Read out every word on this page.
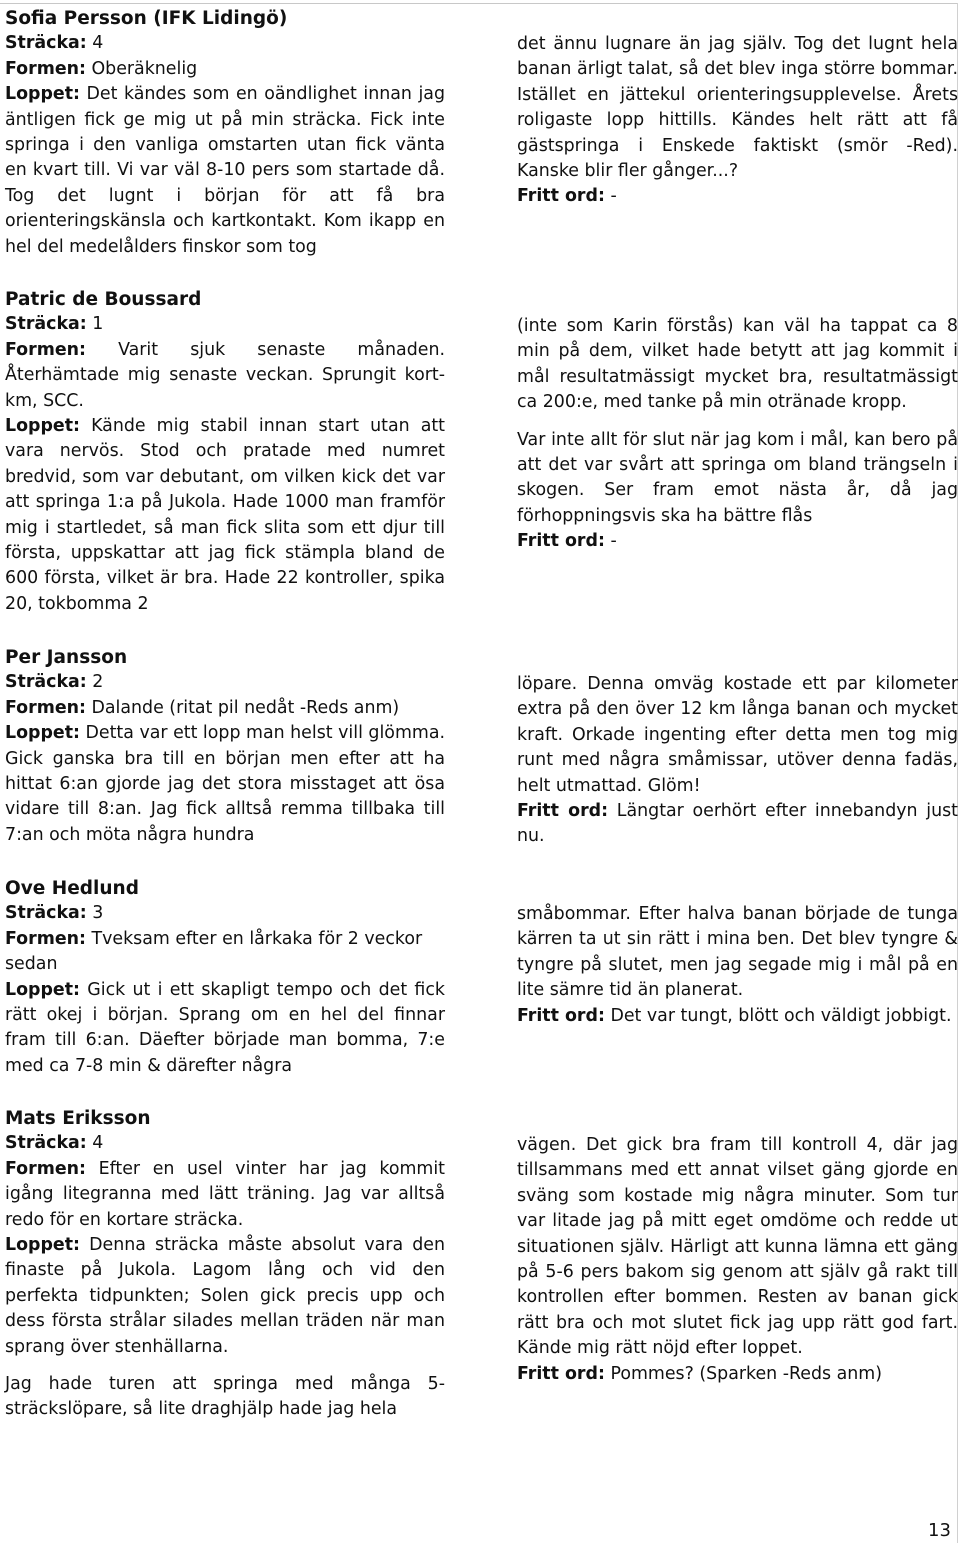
Sofia Persson (IFK Lidingö)
Sträcka: 4
Formen: Oberäknelig

Loppet: Det kändes som en oändlighet innan jag äntligen fick ge mig ut på min sträcka. Fick inte springa i den vanliga omstarten utan fick vänta en kvart till. Vi var väl 8-10 pers som startade då. Tog det lugnt i början för att få bra orienteringskänsla och kartkontakt. Kom ikapp en hel del medelålders finskor som tog

det ännu lugnare än jag själv. Tog det lugnt hela banan ärligt talat, så det blev inga större bommar. Istället en jättekul orienteringsupplevelse. Årets roligaste lopp hittills. Kändes helt rätt att få gästspringa i Enskede faktiskt (smör -Red). Kanske blir fler gånger...?

Fritt ord: -
Patric de Boussard
Sträcka: 1

Formen: Varit sjuk senaste månaden. Återhämtade mig senaste veckan. Sprungit kort-km, SCC.

Loppet: Kände mig stabil innan start utan att vara nervös. Stod och pratade med numret bredvid, som var debutant, om vilken kick det var att springa 1:a på Jukola. Hade 1000 man framför mig i startledet, så man fick slita som ett djur till första, uppskattar att jag fick stämpla bland de 600 första, vilket är bra. Hade 22 kontroller, spika 20, tokbomma 2

(inte som Karin förstås) kan väl ha tappat ca 8 min på dem, vilket hade betytt att jag kommit i mål resultatmässigt mycket bra, resultatmässigt ca 200:e, med tanke på min otränade kropp.

Var inte allt för slut när jag kom i mål, kan bero på att det var svårt att springa om bland trängseln i skogen. Ser fram emot nästa år, då jag förhoppningsvis ska ha bättre flås

Fritt ord: -
Per Jansson
Sträcka: 2
Formen: Dalande (ritat pil nedåt -Reds anm)

Loppet: Detta var ett lopp man helst vill glömma. Gick ganska bra till en början men efter att ha hittat 6:an gjorde jag det stora misstaget att ösa vidare till 8:an. Jag fick alltså remma tillbaka till 7:an och möta några hundra

löpare. Denna omväg kostade ett par kilometer extra på den över 12 km långa banan och mycket kraft. Orkade ingenting efter detta men tog mig runt med några småmissar, utöver denna fadäs, helt utmattad. Glöm!

Fritt ord: Längtar oerhört efter innebandyn just nu.

Ove Hedlund
Sträcka: 3

Formen: Tveksam efter en lårkaka för 2 veckor sedan

Loppet: Gick ut i ett skapligt tempo och det fick rätt okej i början. Sprang om en hel del finnar fram till 6:an. Däefter började man bomma, 7:e med ca 7-8 min & därefter några

småbommar. Efter halva banan började de tunga kärren ta ut sin rätt i mina ben. Det blev tyngre & tyngre på slutet, men jag segade mig i mål på en lite sämre tid än planerat.

Fritt ord: Det var tungt, blött och väldigt jobbigt.

Mats Eriksson
Sträcka: 4

Formen: Efter en usel vinter har jag kommit igång litegranna med lätt träning. Jag var alltså redo för en kortare sträcka.

Loppet: Denna sträcka måste absolut vara den finaste på Jukola. Lagom lång och vid den perfekta tidpunkten; Solen gick precis upp och dess första strålar silades mellan träden när man sprang över stenhällarna.

Jag hade turen att springa med många 5-sträckslöpare, så lite draghjälp hade jag hela

vägen. Det gick bra fram till kontroll 4, där jag tillsammans med ett annat vilset gäng gjorde en sväng som kostade mig några minuter. Som tur var litade jag på mitt eget omdöme och redde ut situationen själv. Härligt att kunna lämna ett gäng på 5-6 pers bakom sig genom att själv gå rakt till kontrollen efter bommen. Resten av banan gick rätt bra och mot slutet fick jag upp rätt god fart. Kände mig rätt nöjd efter loppet.

Fritt ord: Pommes? (Sparken -Reds anm)
13
